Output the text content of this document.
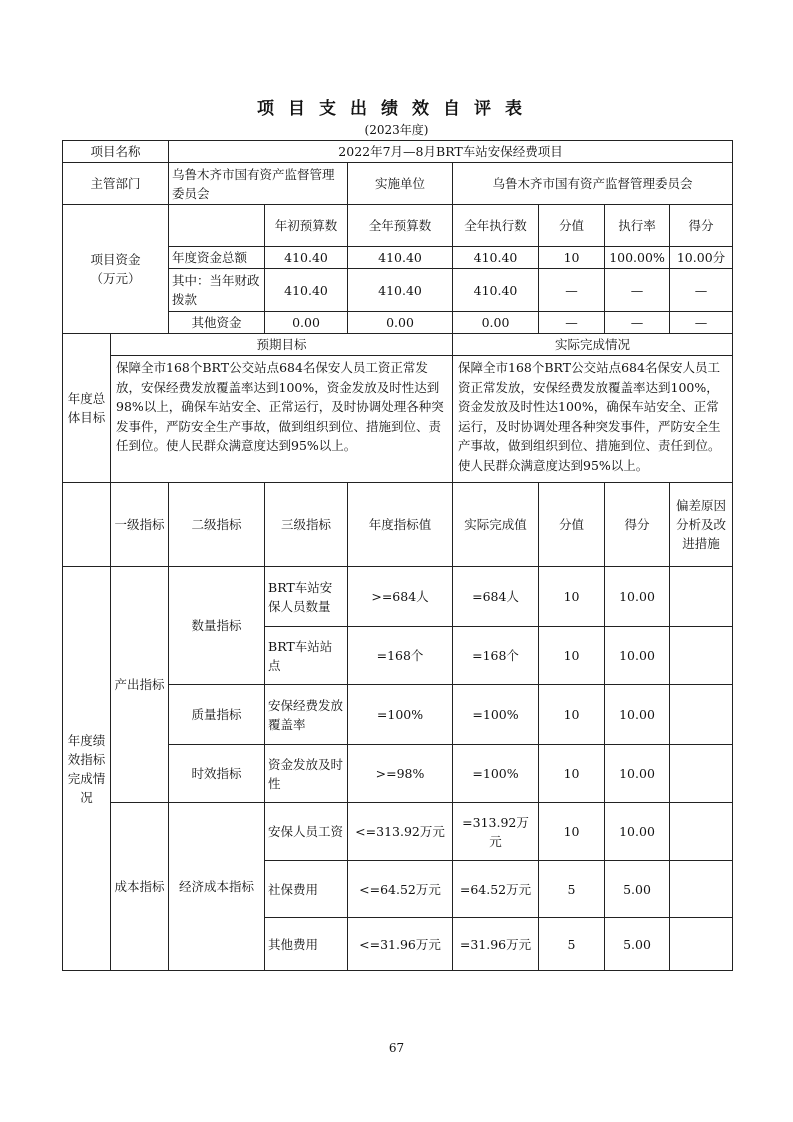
项目支出绩效自评表
(2023年度)
项目名称		2022年7月—8月BRT车站安保经费项目						
主管部门		乌鲁木齐市国有资产监督管理委员会		实施单位	乌鲁木齐市国有资产监督管理委员会			

项目资金
（万元）			年初预算数	全年预算数	全年执行数	分值	执行率	得分
		年度资金总额	410.40	410.40	410.40	10	100.00%	10.00分
		其中：当年财政拨款	410.40	410.40	410.40	—	—	—
		其他资金	0.00	0.00	0.00	—	—	—
年度总体目标	预期目标				实际完成情况			
	保障全市168个BRT公交站点684名保安人员工资正常发放，安保经费发放覆盖率达到100%，资金发放及时性达到98%以上，确保车站安全、正常运行，及时协调处理各种突发事件，严防安全生产事故，做到组织到位、措施到位、责任到位。使人民群众满意度达到95%以上。				保障全市168个BRT公交站点684名保安人员工资正常发放，安保经费发放覆盖率达到100%，资金发放及时性达100%，确保车站安全、正常运行，及时协调处理各种突发事件，严防安全生产事故，做到组织到位、措施到位、责任到位。使人民群众满意度达到95%以上。			
	一级指标	二级指标	三级指标	年度指标值	实际完成值	分值	得分	偏差原因分析及改进措施
年度绩效指标完成情况	产出指标	数量指标	BRT车站安保人员数量	>=684人	=684人	10	10.00	
			BRT车站站点	=168个	=168个	10	10.00	
		质量指标	安保经费发放覆盖率	=100%	=100%	10	10.00	
		时效指标	资金发放及时性	>=98%	=100%	10	10.00	
	成本指标	经济成本指标	安保人员工资	<=313.92万元	=313.92万元	10	10.00	
			社保费用	<=64.52万元	=64.52万元	5	5.00	
			其他费用	<=31.96万元	=31.96万元	5	5.00	
67
